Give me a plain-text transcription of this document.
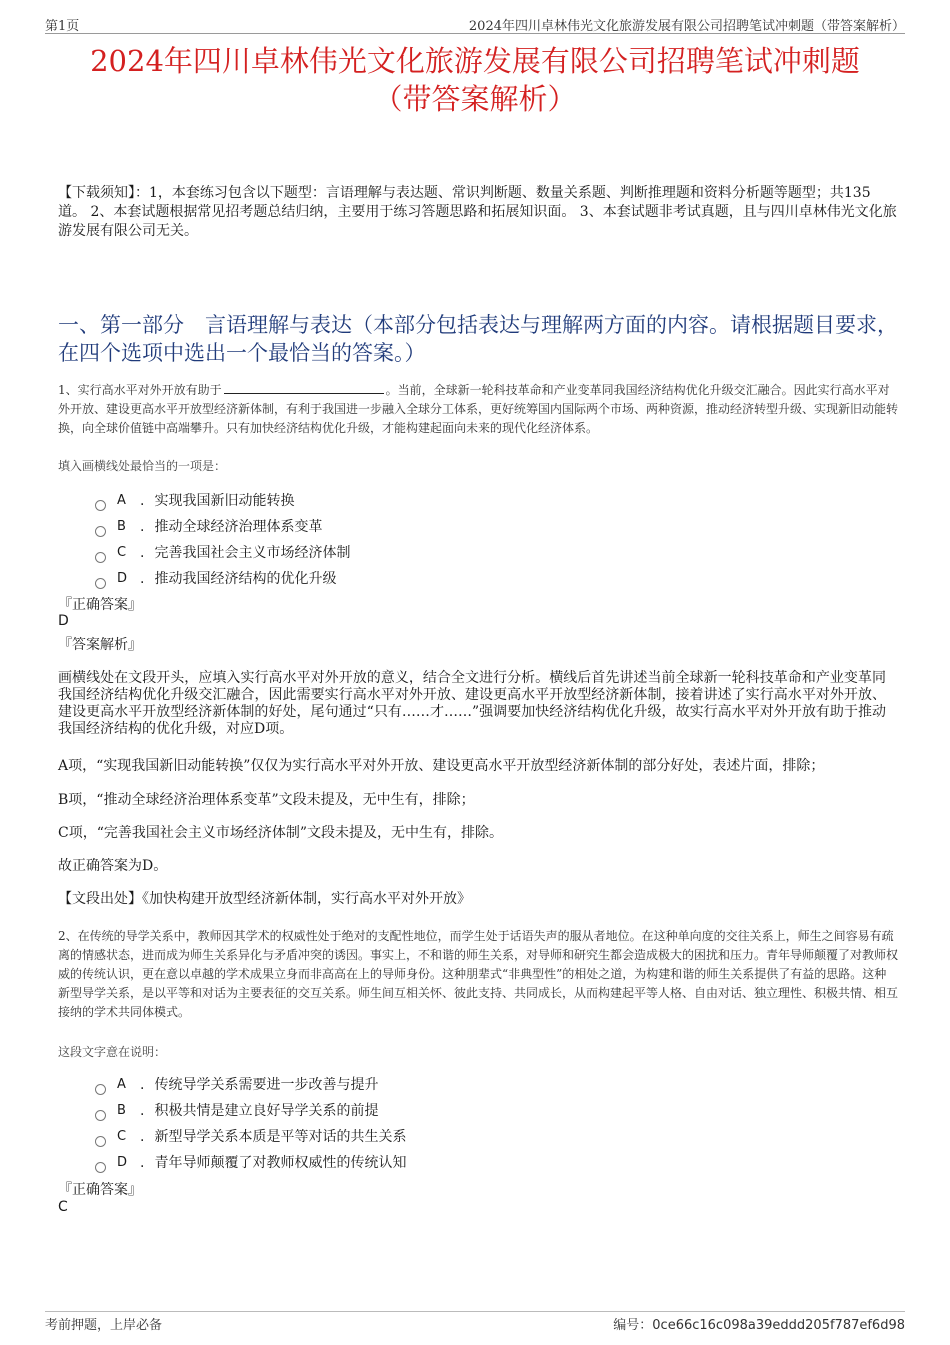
第1页	2024年四川卓林伟光文化旅游发展有限公司招聘笔试冲刺题（带答案解析）
2024年四川卓林伟光文化旅游发展有限公司招聘笔试冲刺题
（带答案解析）
【下载须知】：1，本套练习包含以下题型：言语理解与表达题、常识判断题、数量关系题、判断推理题和资料分析题等题型；共135道。 2、本套试题根据常见招考题总结归纳，主要用于练习答题思路和拓展知识面。 3、本套试题非考试真题，且与四川卓林伟光文化旅游发展有限公司无关。
一、第一部分　言语理解与表达（本部分包括表达与理解两方面的内容。请根据题目要求，在四个选项中选出一个最恰当的答案。）
1、实行高水平对外开放有助于	。当前，全球新一轮科技革命和产业变革同我国经济结构优化升级交汇融合。因此实行高水平对外开放、建设更高水平开放型经济新体制，有利于我国进一步融入全球分工体系，更好统筹国内国际两个市场、两种资源，推动经济转型升级、实现新旧动能转换，向全球价值链中高端攀升。只有加快经济结构优化升级，才能构建起面向未来的现代化经济体系。
填入画横线处最恰当的一项是：
A	. 实现我国新旧动能转换
B	. 推动全球经济治理体系变革
C . 完善我国社会主义市场经济体制
D . 推动我国经济结构的优化升级
『正确答案』
D
『答案解析』
画横线处在文段开头，应填入实行高水平对外开放的意义，结合全文进行分析。横线后首先讲述当前全球新一轮科技革命和产业变革同我国经济结构优化升级交汇融合，因此需要实行高水平对外开放、建设更高水平开放型经济新体制，接着讲述了实行高水平对外开放、建设更高水平开放型经济新体制的好处，尾句通过“只有……才……”强调要加快经济结构优化升级，故实行高水平对外开放有助于推动我国经济结构的优化升级，对应D项。
A项，“实现我国新旧动能转换”仅仅为实行高水平对外开放、建设更高水平开放型经济新体制的部分好处，表述片面，排除；
B项，“推动全球经济治理体系变革”文段未提及，无中生有，排除；
C项，“完善我国社会主义市场经济体制”文段未提及，无中生有，排除。
故正确答案为D。
【文段出处】《加快构建开放型经济新体制，实行高水平对外开放》
2、在传统的导学关系中，教师因其学术的权威性处于绝对的支配性地位，而学生处于话语失声的服从者地位。在这种单向度的交往关系上，师生之间容易有疏离的情感状态，进而成为师生关系异化与矛盾冲突的诱因。事实上，不和谐的师生关系，对导师和研究生都会造成极大的困扰和压力。青年导师颠覆了对教师权威的传统认识，更在意以卓越的学术成果立身而非高高在上的导师身份。这种朋辈式“非典型性”的相处之道，为构建和谐的师生关系提供了有益的思路。这种新型导学关系，是以平等和对话为主要表征的交互关系。师生间互相关怀、彼此支持、共同成长，从而构建起平等人格、自由对话、独立理性、积极共情、相互接纳的学术共同体模式。
这段文字意在说明：
A	. 传统导学关系需要进一步改善与提升
B	. 积极共情是建立良好导学关系的前提
C . 新型导学关系本质是平等对话的共生关系
D . 青年导师颠覆了对教师权威性的传统认知
『正确答案』
C
考前押题，上岸必备	编号：0ce66c16c098a39eddd205f787ef6d98
